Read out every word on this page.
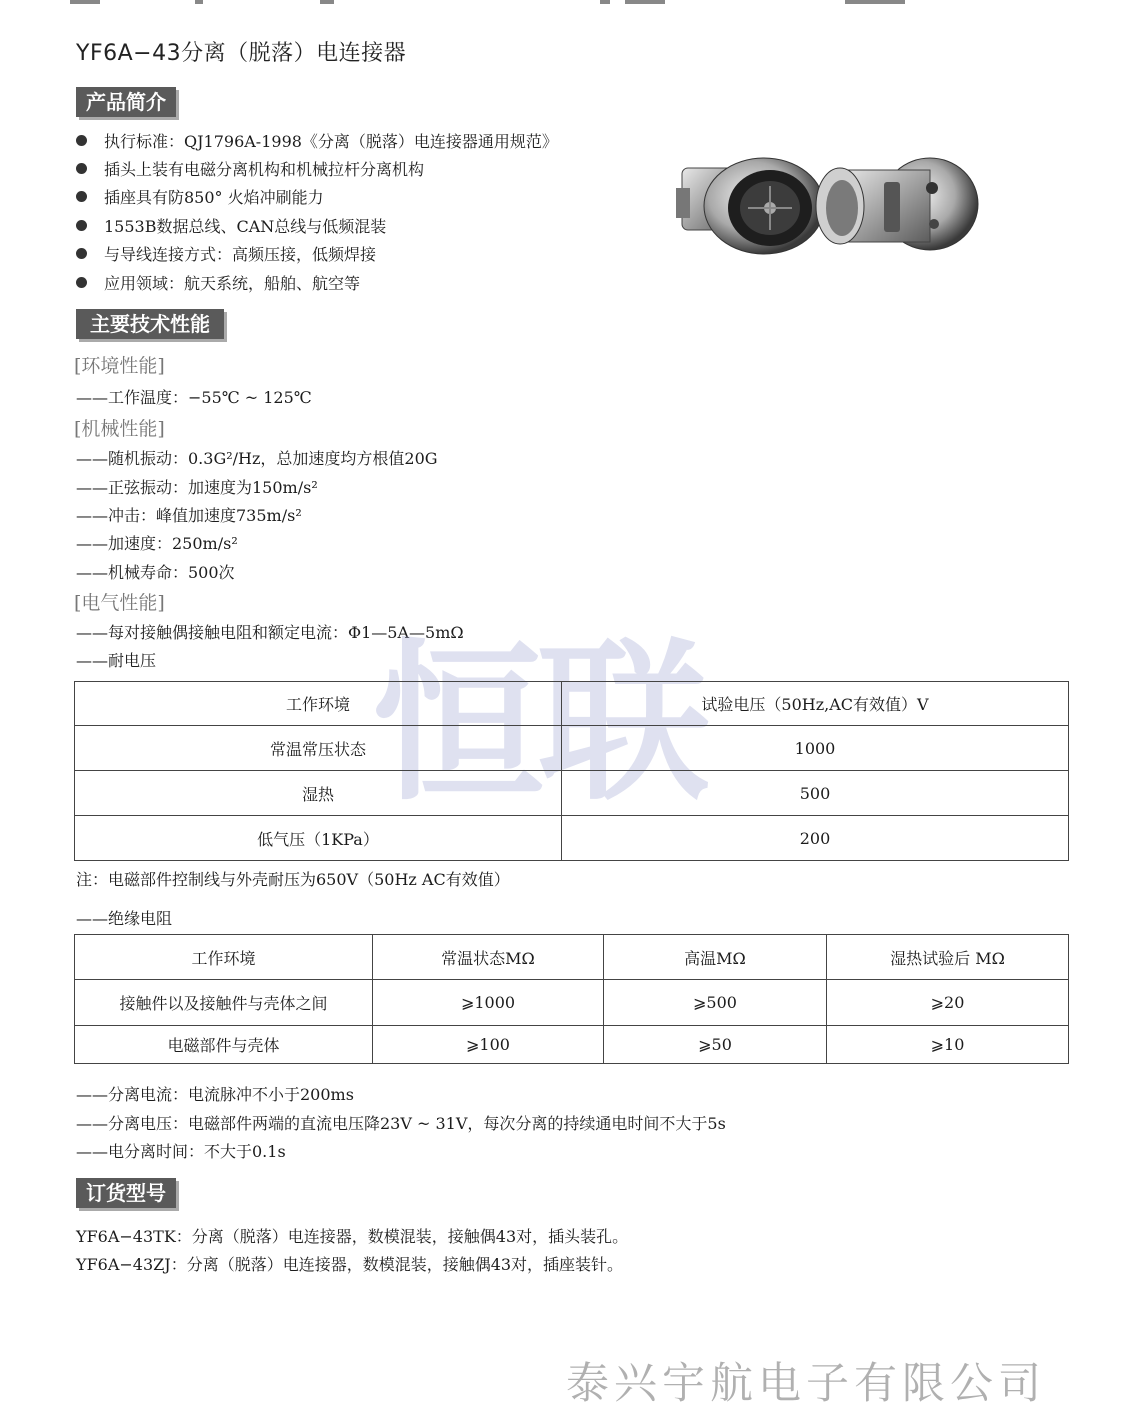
YF6A−43分离（脱落）电连接器
产品简介
执行标准：QJ1796A-1998《分离（脱落）电连接器通用规范》
插头上装有电磁分离机构和机械拉杆分离机构
插座具有防850° 火焰冲刷能力
1553B数据总线、CAN总线与低频混装
与导线连接方式：高频压接，低频焊接
应用领域：航天系统，船舶、航空等
主要技术性能
[环境性能]
——工作温度：−55℃ ~ 125℃
[机械性能]
——随机振动：0.3G²/Hz，总加速度均方根值20G
——正弦振动：加速度为150m/s²
——冲击：峰值加速度735m/s²
——加速度：250m/s²
——机械寿命：500次
[电气性能]
——每对接触偶接触电阻和额定电流：Φ1—5A—5mΩ
——耐电压 恒联
工作环境	试验电压（50Hz,AC有效值）V
常温常压状态	1000
湿热	500
低气压（1KPa）	200
注：电磁部件控制线与外壳耐压为650V（50Hz AC有效值）
——绝缘电阻
工作环境	常温状态MΩ	高温MΩ	湿热试验后 MΩ
接触件以及接触件与壳体之间	⩾1000	⩾500	⩾20
电磁部件与壳体	⩾100	⩾50	⩾10
——分离电流：电流脉冲不小于200ms
——分离电压：电磁部件两端的直流电压降23V ~ 31V，每次分离的持续通电时间不大于5s
——电分离时间：不大于0.1s
订货型号
YF6A−43TK：分离（脱落）电连接器，数模混装，接触偶43对，插头装孔。
YF6A−43ZJ：分离（脱落）电连接器，数模混装，接触偶43对，插座装针。
泰兴宇航电子有限公司
